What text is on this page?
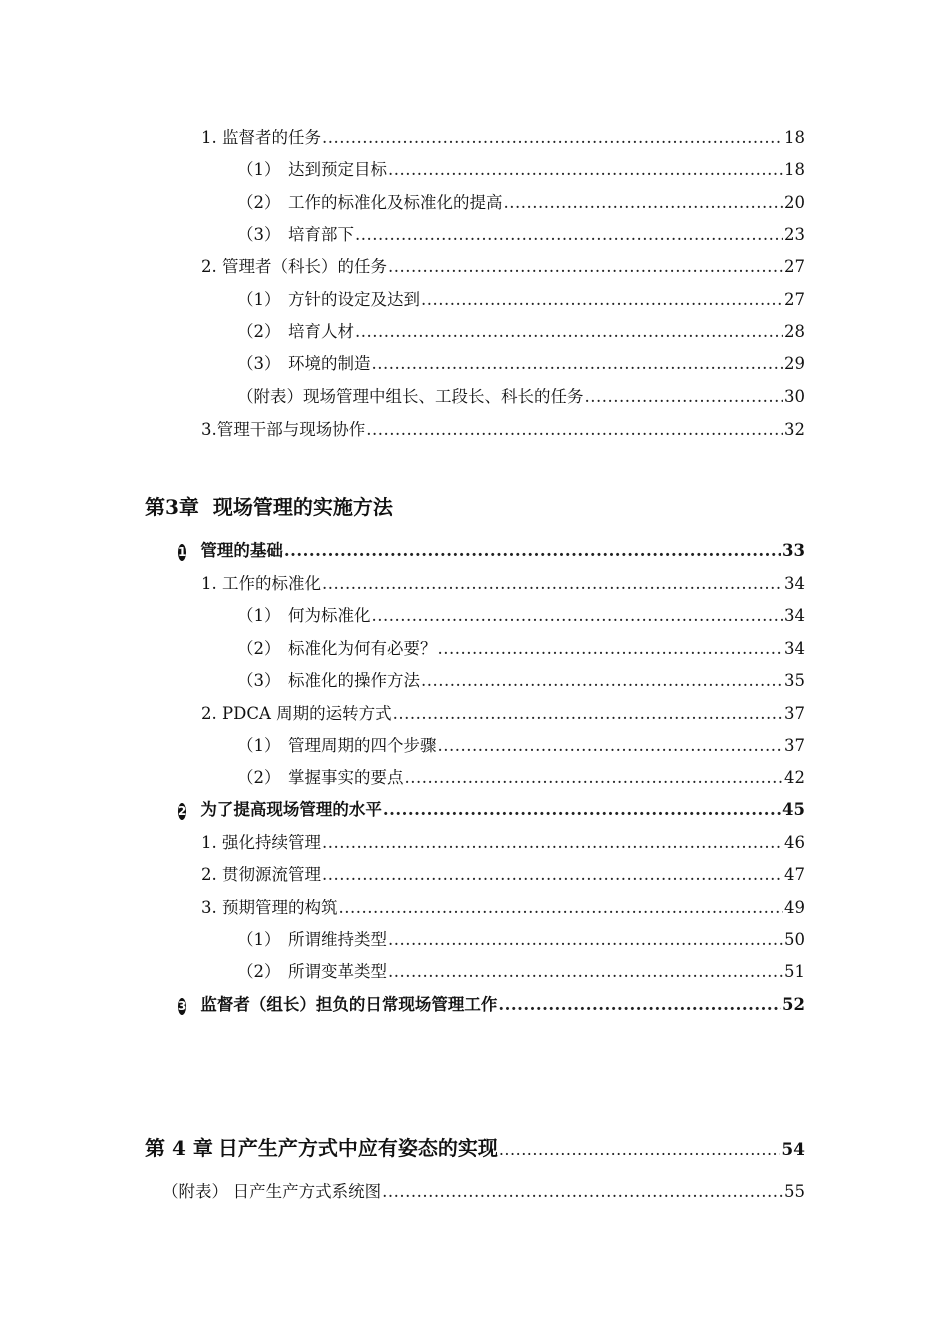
1. 监督者的任务 .....	18
（1） 达到预定目标 .....	18
（2） 工作的标准化及标准化的提高 .....	20
（3） 培育部下 .....	23
2. 管理者（科长）的任务 .....	27
（1） 方针的设定及达到 .....	27
（2） 培育人材 .....	28
（3） 环境的制造 .....	29
（附表）现场管理中组长、工段长、科长的任务 .....	30
3.管理干部与现场协作 .....	32
第3章 现场管理的实施方法
1 管理的基础 .....	33
1. 工作的标准化 .....	34
（1） 何为标准化 .....	34
（2） 标准化为何有必要？ .....	34
（3） 标准化的操作方法 .....	35
2. PDCA 周期的运转方式 .....	37
（1） 管理周期的四个步骤 .....	37
（2） 掌握事实的要点 .....	42
2 为了提高现场管理的水平 .....	45
1. 强化持续管理 .....	46
2. 贯彻源流管理 .....	47
3. 预期管理的构筑 .....	49
（1） 所谓维持类型 .....	50
（2） 所谓变革类型 .....	51
3 监督者（组长）担负的日常现场管理工作 .....	52
第 4 章 日产生产方式中应有姿态的实现 .....	54
（附表） 日产生产方式系统图 .....	55
